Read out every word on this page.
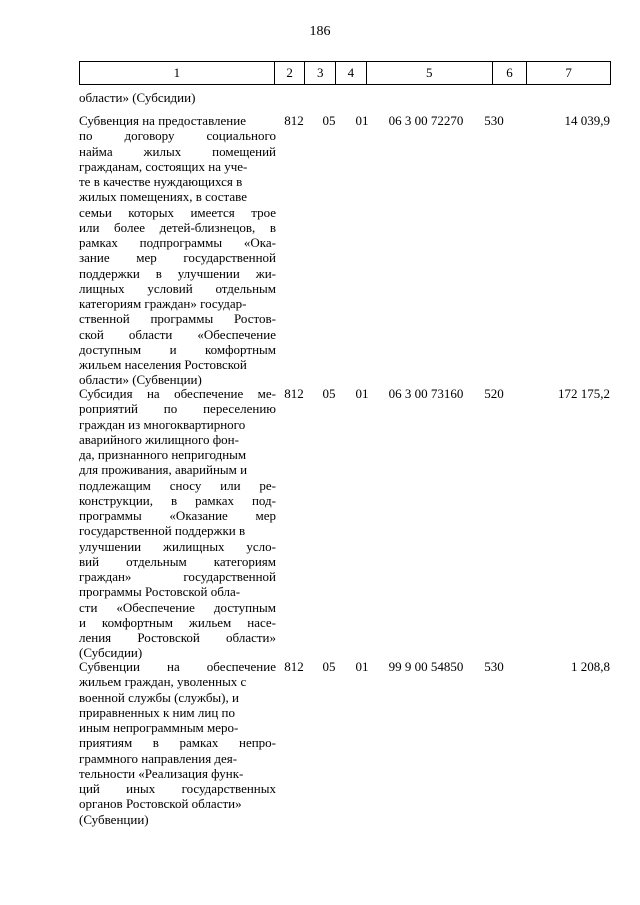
186
1	2	3	4	5	6	7
области» (Субсидии)
Субвенция на предоставление
по договору социального
найма жилых помещений
гражданам, состоящих на уче-
те в качестве нуждающихся в
жилых помещениях, в составе
семьи которых имеется трое
или более детей-близнецов, в
рамках подпрограммы «Ока-
зание мер государственной
поддержки в улучшении жи-
лищных условий отдельным
категориям граждан» государ-
ственной программы Ростов-
ской области «Обеспечение
доступным и комфортным
жильем населения Ростовской
области» (Субвенции)
812	05	01	06 3 00 72270	530	14 039,9
Субсидия на обеспечение ме-
роприятий по переселению
граждан из многоквартирного
аварийного жилищного фон-
да, признанного непригодным
для проживания, аварийным и
подлежащим сносу или ре-
конструкции, в рамках под-
программы «Оказание мер
государственной поддержки в
улучшении жилищных усло-
вий отдельным категориям
граждан» государственной
программы Ростовской обла-
сти «Обеспечение доступным
и комфортным жильем насе-
ления Ростовской области»
(Субсидии)
812	05	01	06 3 00 73160	520	172 175,2
Субвенции на обеспечение
жильем граждан, уволенных с
военной службы (службы), и
приравненных к ним лиц по
иным непрограммным меро-
приятиям в рамках непро-
граммного направления дея-
тельности «Реализация функ-
ций иных государственных
органов Ростовской области»
(Субвенции)
812	05	01	99 9 00 54850	530	1 208,8
